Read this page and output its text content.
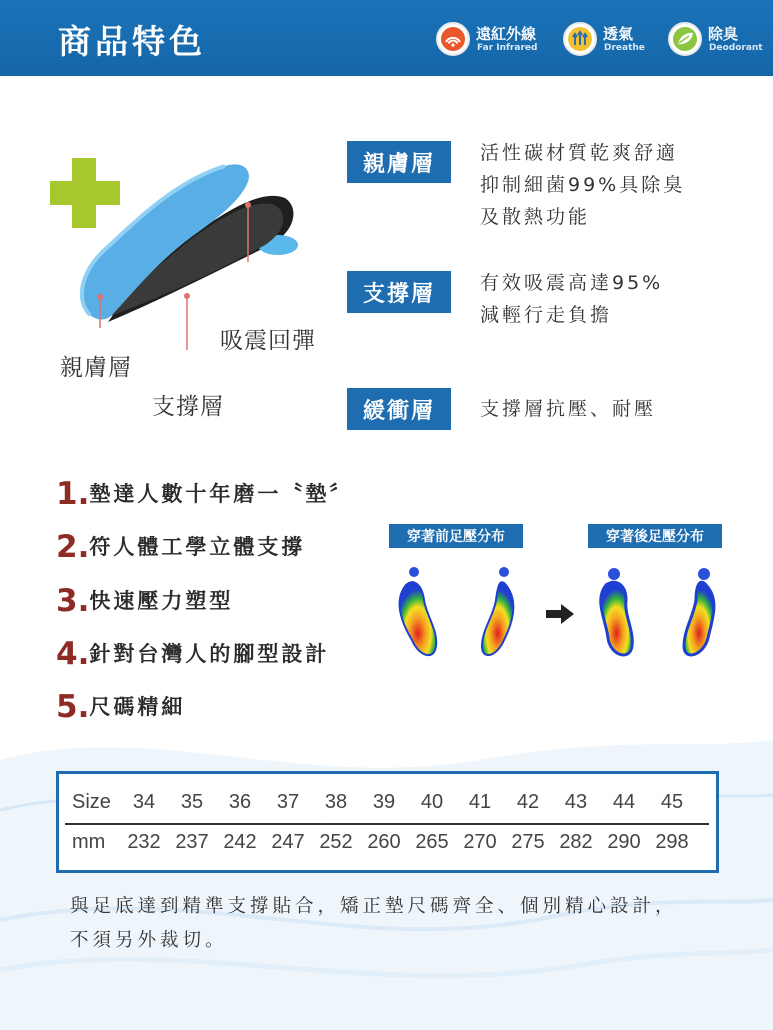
商品特色	遠紅外線
Far Infrared
透氣
Dreathe
除臭
Deodorant
吸震回彈
親膚層
支撐層
親膚層	活性碳材質乾爽舒適
抑制細菌99%具除臭
及散熱功能
支撐層	有效吸震高達95%
減輕行走負擔
緩衝層	支撐層抗壓、耐壓
1.墊達人數十年磨一〝墊〞
2.符人體工學立體支撐
3.快速壓力塑型
4.針對台灣人的腳型設計
5.尺碼精細
穿著前足壓分布	穿著後足壓分布
Size	34	35	36	37	38	39	40	41	42	43	44	45
mm	232 237 242 247 252 260 265 270 275 282 290 298
與足底達到精準支撐貼合，矯正墊尺碼齊全、個別精心設計，
不須另外裁切。
